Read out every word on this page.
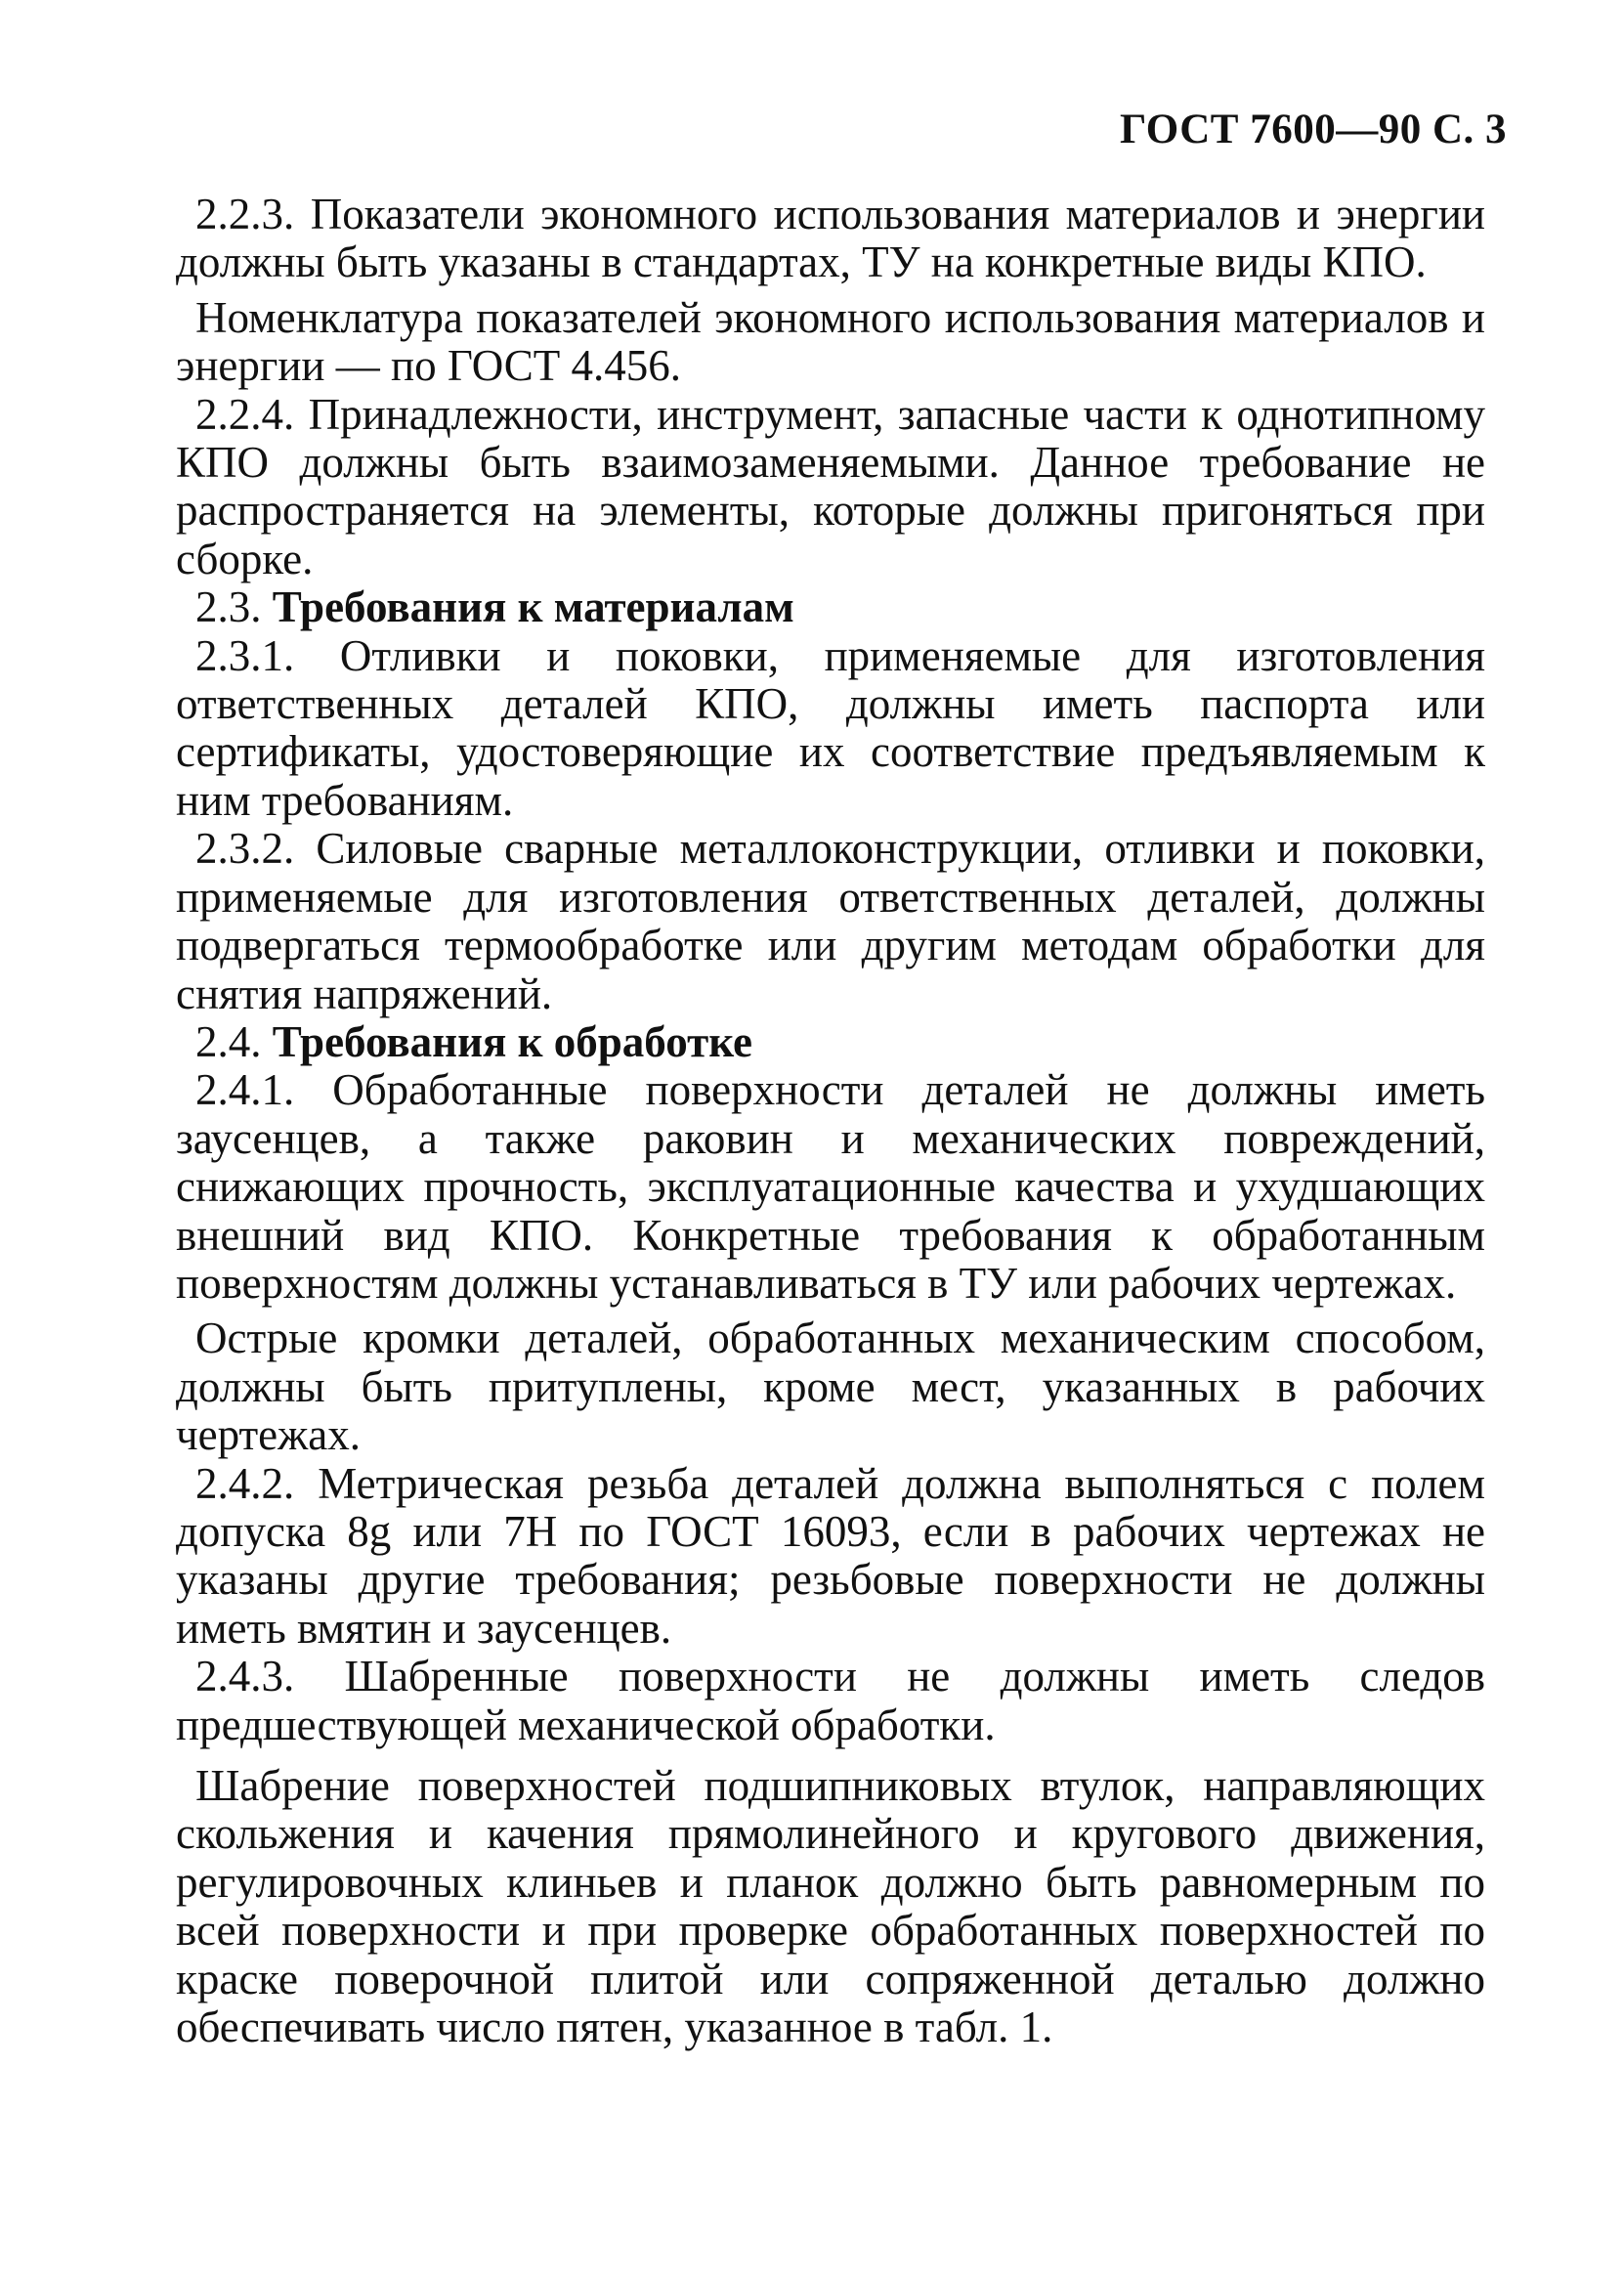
ГОСТ 7600—90 С. 3

2.2.3. Показатели экономного использования материалов и энергии должны быть указаны в стандартах, ТУ на конкретные виды КПО.

Номенклатура показателей экономного использования материалов и энергии — по ГОСТ 4.456.

2.2.4. Принадлежности, инструмент, запасные части к однотипному КПО должны быть взаимозаменяемыми. Данное требование не распространяется на элементы, которые должны пригоняться при сборке.

2.3. Требования к материалам

2.3.1. Отливки и поковки, применяемые для изготовления ответственных деталей КПО, должны иметь паспорта или сертификаты, удостоверяющие их соответствие предъявляемым к ним требованиям.

2.3.2. Силовые сварные металлоконструкции, отливки и поковки, применяемые для изготовления ответственных деталей, должны подвергаться термообработке или другим методам обработки для снятия напряжений.

2.4. Требования к обработке

2.4.1. Обработанные поверхности деталей не должны иметь заусенцев, а также раковин и механических повреждений, снижающих прочность, эксплуатационные качества и ухудшающих внешний вид КПО. Конкретные требования к обработанным поверхностям должны устанавливаться в ТУ или рабочих чертежах.

Острые кромки деталей, обработанных механическим способом, должны быть притуплены, кроме мест, указанных в рабочих чертежах.

2.4.2. Метрическая резьба деталей должна выполняться с полем допуска 8g или 7Н по ГОСТ 16093, если в рабочих чертежах не указаны другие требования; резьбовые поверхности не должны иметь вмятин и заусенцев.

2.4.3. Шабренные поверхности не должны иметь следов предшествующей механической обработки.

Шабрение поверхностей подшипниковых втулок, направляющих скольжения и качения прямолинейного и кругового движения, регулировочных клиньев и планок должно быть равномерным по всей поверхности и при проверке обработанных поверхностей по краске поверочной плитой или сопряженной деталью должно обеспечивать число пятен, указанное в табл. 1.
